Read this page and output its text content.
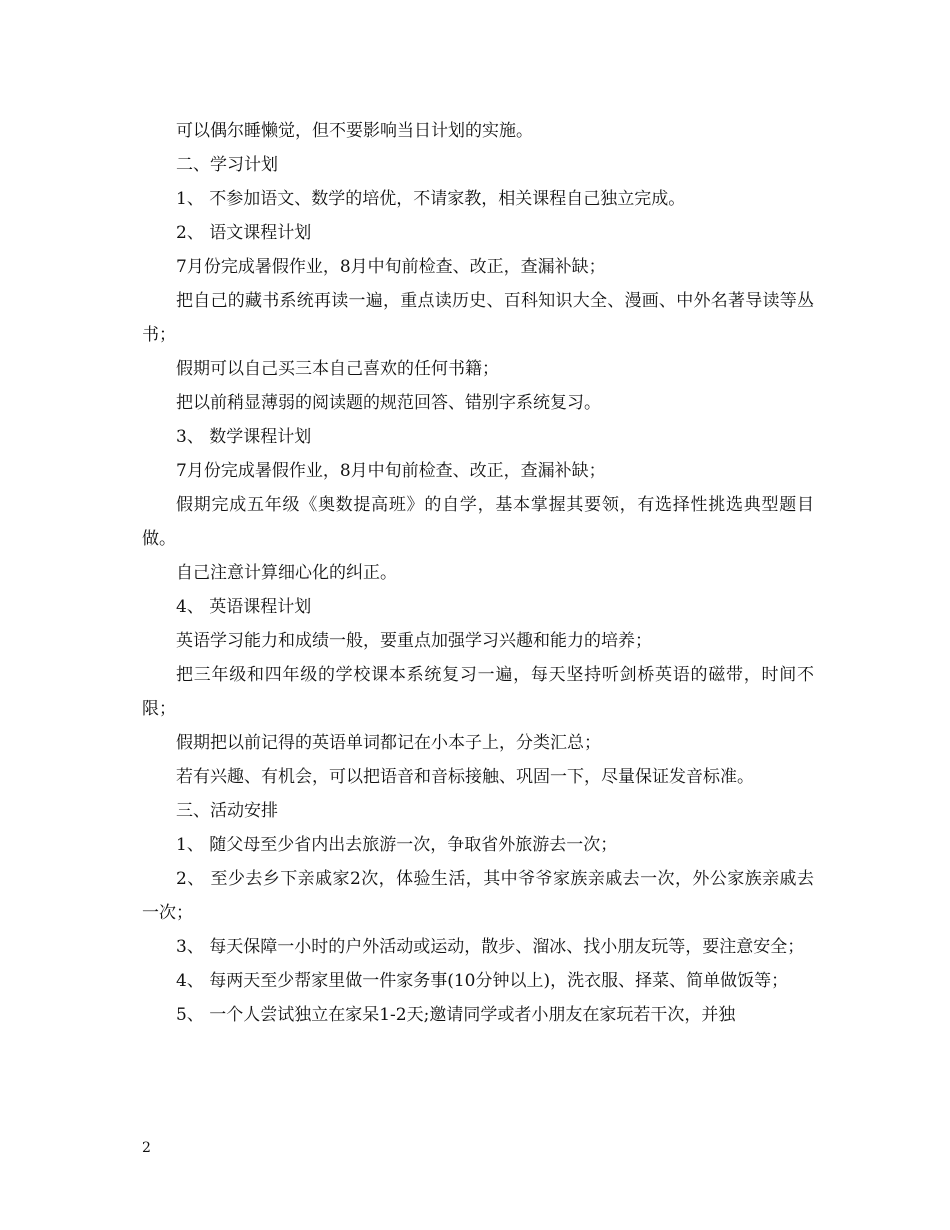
可以偶尔睡懒觉，但不要影响当日计划的实施。

二、学习计划

1、 不参加语文、数学的培优，不请家教，相关课程自己独立完成。

2、 语文课程计划

7月份完成暑假作业，8月中旬前检查、改正，查漏补缺；

把自己的藏书系统再读一遍，重点读历史、百科知识大全、漫画、中外名著导读等丛书；

假期可以自己买三本自己喜欢的任何书籍；

把以前稍显薄弱的阅读题的规范回答、错别字系统复习。

3、 数学课程计划

7月份完成暑假作业，8月中旬前检查、改正，查漏补缺；

假期完成五年级《奥数提高班》的自学，基本掌握其要领，有选择性挑选典型题目做。

自己注意计算细心化的纠正。

4、 英语课程计划

英语学习能力和成绩一般，要重点加强学习兴趣和能力的培养；

把三年级和四年级的学校课本系统复习一遍，每天坚持听剑桥英语的磁带，时间不限；

假期把以前记得的英语单词都记在小本子上，分类汇总；

若有兴趣、有机会，可以把语音和音标接触、巩固一下，尽量保证发音标准。

三、活动安排

1、 随父母至少省内出去旅游一次，争取省外旅游去一次；

2、 至少去乡下亲戚家2次，体验生活，其中爷爷家族亲戚去一次，外公家族亲戚去一次；

3、 每天保障一小时的户外活动或运动，散步、溜冰、找小朋友玩等，要注意安全；

4、 每两天至少帮家里做一件家务事(10分钟以上)，洗衣服、择菜、简单做饭等；

5、 一个人尝试独立在家呆1-2天;邀请同学或者小朋友在家玩若干次，并独

2
